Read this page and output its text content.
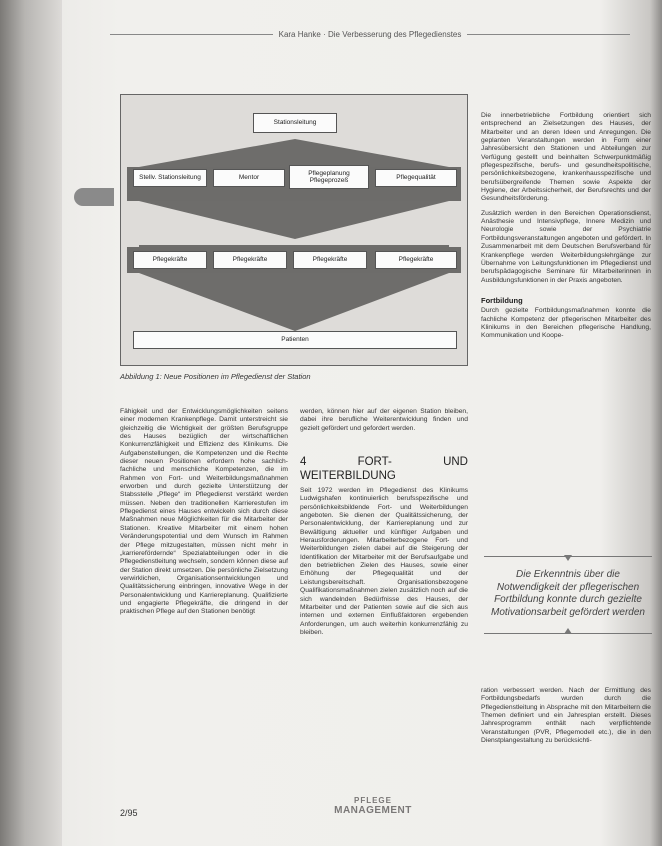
Kara Hanke · Die Verbesserung des Pflegedienstes
Stationsleitung
Stellv. Stationsleitung	Mentor
Pflegeplanung Pflegeprozeß	Pflegequalität
Pflegekräfte	Pflegekräfte	Pflegekräfte	Pflegekräfte
Patienten
Abbildung 1: Neue Positionen im Pflegedienst der Station

Fähigkeit und der Entwicklungsmöglichkeiten seitens einer modernen Krankenpflege. Damit unterstreicht sie gleichzeitig die Wichtigkeit der größten Berufsgruppe des Hauses bezüglich der wirtschaftlichen Konkurrenzfähigkeit und Effizienz des Klinikums. Die Aufgabenstellungen, die Kompetenzen und die Rechte dieser neuen Positionen erfordern hohe sachlich-fachliche und menschliche Kompetenzen, die im Rahmen von Fort- und Weiterbildungsmaßnahmen erworben und durch gezielte Unterstützung der Stabsstelle „Pflege“ im Pflegedienst verstärkt werden müssen. Neben den traditionellen Karrierestufen im Pflegedienst eines Hauses entwickeln sich durch diese Maßnahmen neue Möglichkeiten für die Mitarbeiter der Stationen. Kreative Mitarbeiter mit einem hohen Veränderungspotential und dem Wunsch im Rahmen der Pflege mitzugestalten, müssen nicht mehr in „karrierefördernde“ Spezialabteilungen oder in die Pflegedienstleitung wechseln, sondern können diese auf der Station direkt umsetzen. Die persönliche Zielsetzung verwirklichen, Organisationsentwicklungen und Qualitätssicherung einbringen, innovative Wege in der Personalentwicklung und Karriereplanung. Qualifizierte und engagierte Pflegekräfte, die dringend in der praktischen Pflege auf den Stationen benötigt

werden, können hier auf der eigenen Station bleiben, dabei ihre berufliche Weiterentwicklung finden und gezielt gefördert und gefordert werden.

4 FORT- UND WEITERBILDUNG

Seit 1972 werden im Pflegedienst des Klinikums Ludwigshafen kontinuierlich berufsspezifische und persönlichkeitsbildende Fort- und Weiterbildungen angeboten. Sie dienen der Qualitätssicherung, der Personalentwicklung, der Karriereplanung und zur Bewältigung aktueller und künftiger Aufgaben und Herausforderungen. Mitarbeiterbezogene Fort- und Weiterbildungen zielen dabei auf die Steigerung der Identifikation der Mitarbeiter mit der Berufsaufgabe und den betrieblichen Zielen des Hauses, sowie einer Erhöhung der Pflegequalität und der Leistungsbereitschaft. Organisationsbezogene Qualifikationsmaßnahmen zielen zusätzlich noch auf die sich wandelnden Bedürfnisse des Hauses, der Mitarbeiter und der Patienten sowie auf die sich aus internen und externen Einflußfaktoren ergebenden Anforderungen, um auch weiterhin konkurrenzfähig zu bleiben.

Die innerbetriebliche Fortbildung orientiert sich entsprechend an Zielsetzungen des Hauses, der Mitarbeiter und an deren Ideen und Anregungen. Die geplanten Veranstaltungen werden in Form einer Jahresübersicht den Stationen und Abteilungen zur Verfügung gestellt und beinhalten Schwerpunktmäßig pflegespezifische, berufs- und gesundheitspolitische, persönlichkeitsbezogene, krankenhausspezifische und berufsübergreifende Themen sowie Aspekte der Hygiene, der Arbeitssicherheit, der Berufsrechts und der Gesundheitsförderung.

Zusätzlich werden in den Bereichen Operationsdienst, Anästhesie und Intensivpflege, Innere Medizin und Neurologie sowie der Psychiatrie Fortbildungsveranstaltungen angeboten und gefördert. In Zusammenarbeit mit dem Deutschen Berufsverband für Krankenpflege werden Weiterbildungslehrgänge zur Übernahme von Leitungsfunktionen im Pflegedienst und berufspädagogische Seminare für Mitarbeiterinnen in Ausbildungsfunktionen in der Praxis angeboten.

Fortbildung

Durch gezielte Fortbildungsmaßnahmen konnte die fachliche Kompetenz der pflegerischen Mitarbeiter des Klinikums in den Bereichen pflegerische Handlung, Kommunikation und Koope-

Die Erkenntnis über die Notwendigkeit der pflegerischen Fortbildung konnte durch gezielte Motivationsarbeit gefördert werden

ration verbessert werden. Nach der Ermittlung des Fortbildungsbedarfs wurden durch die Pflegedienstleitung in Absprache mit den Mitarbeitern die Themen definiert und ein Jahresplan erstellt. Dieses Jahresprogramm enthält nach verpflichtende Veranstaltungen (PVR, Pflegemodell etc.), die in den Dienstplangestaltung zu berücksichti-

2/95
PFLEGE
MANAGEMENT
